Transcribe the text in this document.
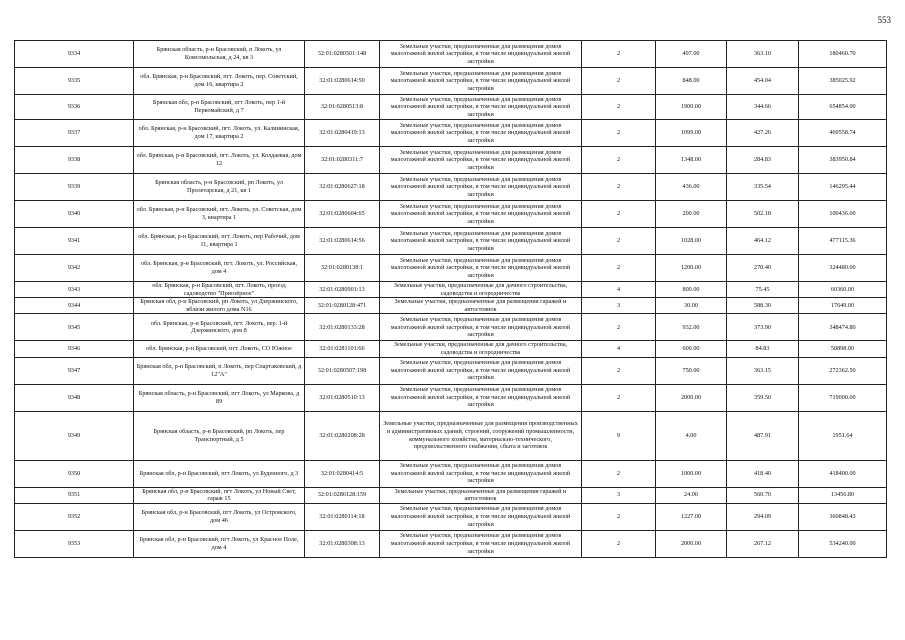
553
9334	Брянская область, р-н Брасовский, п Локоть, ул Комсомольская, д 24, кв 3	32:01:0280501:148	Земельные участки, предназначенные для размещения домов малоэтажной жилой застройки, в том числе индивидуальной жилой застройки	2	497.00	363.10	180460.70
9335	обл. Брянская, р-н Брасовский, пгт. Локоть, пер. Советский, дом 16, квартира 2	32:01:0280614:50	Земельные участки, предназначенные для размещения домов малоэтажной жилой застройки, в том числе индивидуальной жилой застройки	2	848.00	454.04	385025.92
9336	Брянская обл, р-н Брасовский, пгт Локоть, пер 1-й Первомайский, д 7	32:01:0280513:8	Земельные участки, предназначенные для размещения домов малоэтажной жилой застройки, в том числе индивидуальной жилой застройки	2	1900.00	344.66	654854.00
9337	обл. Брянская, р-н Брасовский, пгт. Локоть, ул. Калининская, дом 17, квартира 2	32:01:0280419:13	Земельные участки, предназначенные для размещения домов малоэтажной жилой застройки, в том числе индивидуальной жилой застройки	2	1099.00	427.26	469558.74
9338	обл. Брянская, р-н Брасовский, пгт. Локоть, ул. Колдаевая, дом 12	32:01:0280311:7	Земельные участки, предназначенные для размещения домов малоэтажной жилой застройки, в том числе индивидуальной жилой застройки	2	1348.00	284.83	383950.84
9339	Брянская область, р-н Брасовский, рп Локоть, ул Пролетарская, д 21, кв 1	32:01:0280627:18	Земельные участки, предназначенные для размещения домов малоэтажной жилой застройки, в том числе индивидуальной жилой застройки	2	436.00	335.54	146295.44
9340	обл. Брянская, р-н Брасовский, пгт. Локоть, ул. Советская, дом 3, квартира 1	32:01:0280604:65	Земельные участки, предназначенные для размещения домов малоэтажной жилой застройки, в том числе индивидуальной жилой застройки	2	200.00	502.18	100436.00
9341	обл. Брянская, р-н Брасовский, пгт. Локоть, пер Рабочий, дом 11, квартира 1	32:01:0280614:56	Земельные участки, предназначенные для размещения домов малоэтажной жилой застройки, в том числе индивидуальной жилой застройки	2	1028.00	464.12	477115.36
9342	обл. Брянская, р-н Брасовский, пгт. Локоть, ул. Российская, дом 4	32:01:0280138:1	Земельные участки, предназначенные для размещения домов малоэтажной жилой застройки, в том числе индивидуальной жилой застройки	2	1200.00	270.40	324480.00
9343	обл. Брянская, р-н Брасовский, пгт. Локоть, проезд садоводство "Приозёрное"	32:01:0280901:13	Земельные участки, предназначенные для дачного строительства, садоводства и огородничества	4	800.00	75.45	60360.00
9344	Брянская обл, р-н Брасовский, рп Локоть, ул Дзержинского, вблизи жилого дома N16	32:01:0280128:471	Земельные участки, предназначенные для размещения гаражей и автостоянок	3	30.00	588.30	17649.00
9345	обл. Брянская, р-н Брасовский, пгт. Локоть, пер. 1-й Дзержинского, дом 8	32:01:0280133:28	Земельные участки, предназначенные для размещения домов малоэтажной жилой застройки, в том числе индивидуальной жилой застройки	2	932.00	373.90	348474.80
9346	обл. Брянская, р-н Брасовский, пгт. Локоть, СО Южное	32:01:0281101:66	Земельные участки, предназначенные для дачного строительства, садоводства и огородничества	4	600.00	84.83	50898.00
9347	Брянская обл, р-н Брасовский, п Локоть, пер Спартаковский, д 12"А"	32:01:0280507:198	Земельные участки, предназначенные для размещения домов малоэтажной жилой застройки, в том числе индивидуальной жилой застройки	2	750.00	363.15	272362.50
9348	Брянская область, р-н Брасовский, пгт Локоть, ул Маркова, д 89	32:01:0280510:13	Земельные участки, предназначенные для размещения домов малоэтажной жилой застройки, в том числе индивидуальной жилой застройки	2	2000.00	359.50	719000.00
9349	Брянская область, р-н Брасовский, рп Локоть, пер Транспортный, д 5	32:01:0280208:28	Земельные участки, предназначенные для размещения производственных и административных зданий, строений, сооружений промышленности, коммунального хозяйства, материально-технического, продовольственного снабжения, сбыта и заготовок	9	4.00	487.91	1951.64
9350	Брянская обл, р-н Брасовский, пгт Локоть, ул Буденного, д 3	32:01:0280414:5	Земельные участки, предназначенные для размещения домов малоэтажной жилой застройки, в том числе индивидуальной жилой застройки	2	1000.00	418.40	418400.00
9351	Брянская обл, р-н Брасовский, пгт Локоть, ул Новый Свет, гараж 15	32:01:0280128:159	Земельные участки, предназначенные для размещения гаражей и автостоянок	3	24.00	560.70	13456.80
9352	Брянская обл, р-н Брасовский, пгт Локоть, ул Островского, дом 46	32:01:0280114:18	Земельные участки, предназначенные для размещения домов малоэтажной жилой застройки, в том числе индивидуальной жилой застройки	2	1227.00	294.09	360848.43
9353	Брянская обл, р-н Брасовский, пгт Локоть, ул Красное Поле, дом 4	32:01:0280308:13	Земельные участки, предназначенные для размещения домов малоэтажной жилой застройки, в том числе индивидуальной жилой застройки	2	2000.00	267.12	534240.00
